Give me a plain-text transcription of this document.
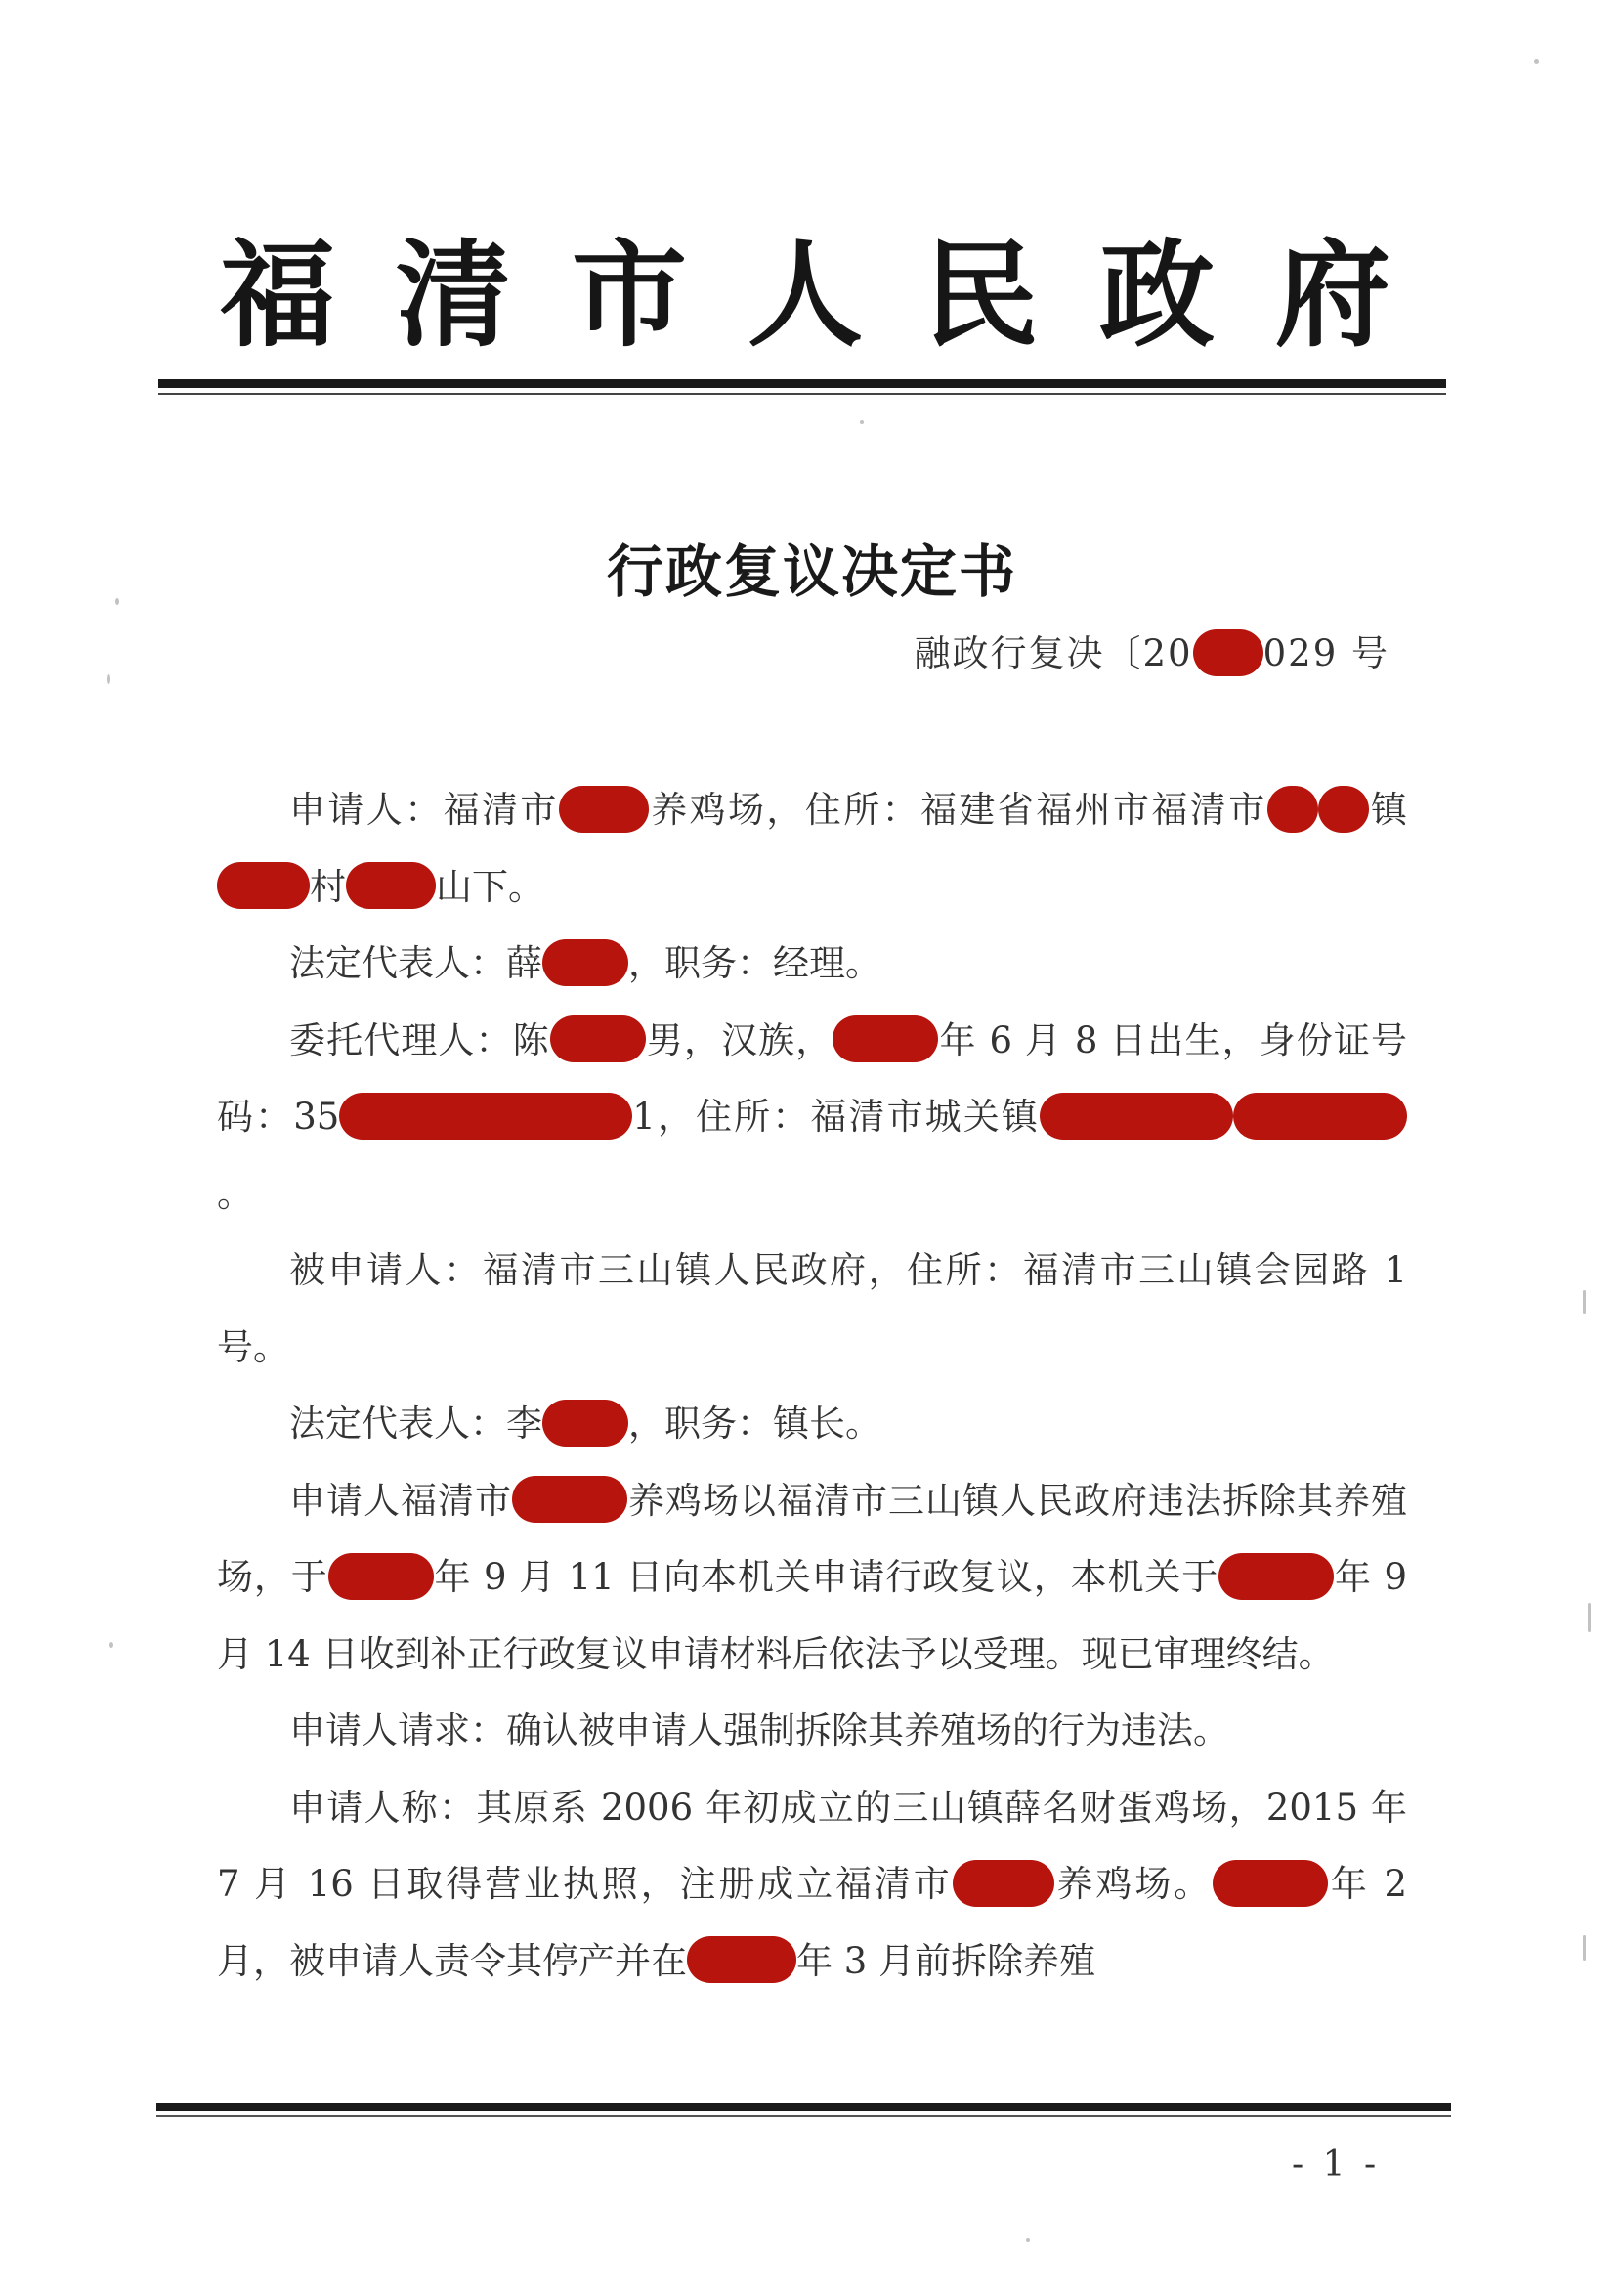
福清市人民政府
行政复议决定书
融政行复决〔20 029 号

申请人：福清市 养鸡场，住所：福建省福州市福清市	镇村 山下。

法定代表人：薛 ，职务：经理。

委托代理人：陈	男，汉族，	年 6 月 8 日出生，身份证号码：35	1，住所：福清市城关镇。

被申请人：福清市三山镇人民政府，住所：福清市三山镇会园路 1 号。

法定代表人：李 ，职务：镇长。

申请人福清市	养鸡场以福清市三山镇人民政府违法拆除其养殖场，于	年 9 月 11 日向本机关申请行政复议，本机关于	年 9 月 14 日收到补正行政复议申请材料后依法予以受理。现已审理终结。

申请人请求：确认被申请人强制拆除其养殖场的行为违法。

申请人称：其原系 2006 年初成立的三山镇薛名财蛋鸡场，2015 年 7 月 16 日取得营业执照，注册成立福清市	养鸡场。	年 2 月，被申请人责令其停产并在	年 3 月前拆除养殖

- 1 -
